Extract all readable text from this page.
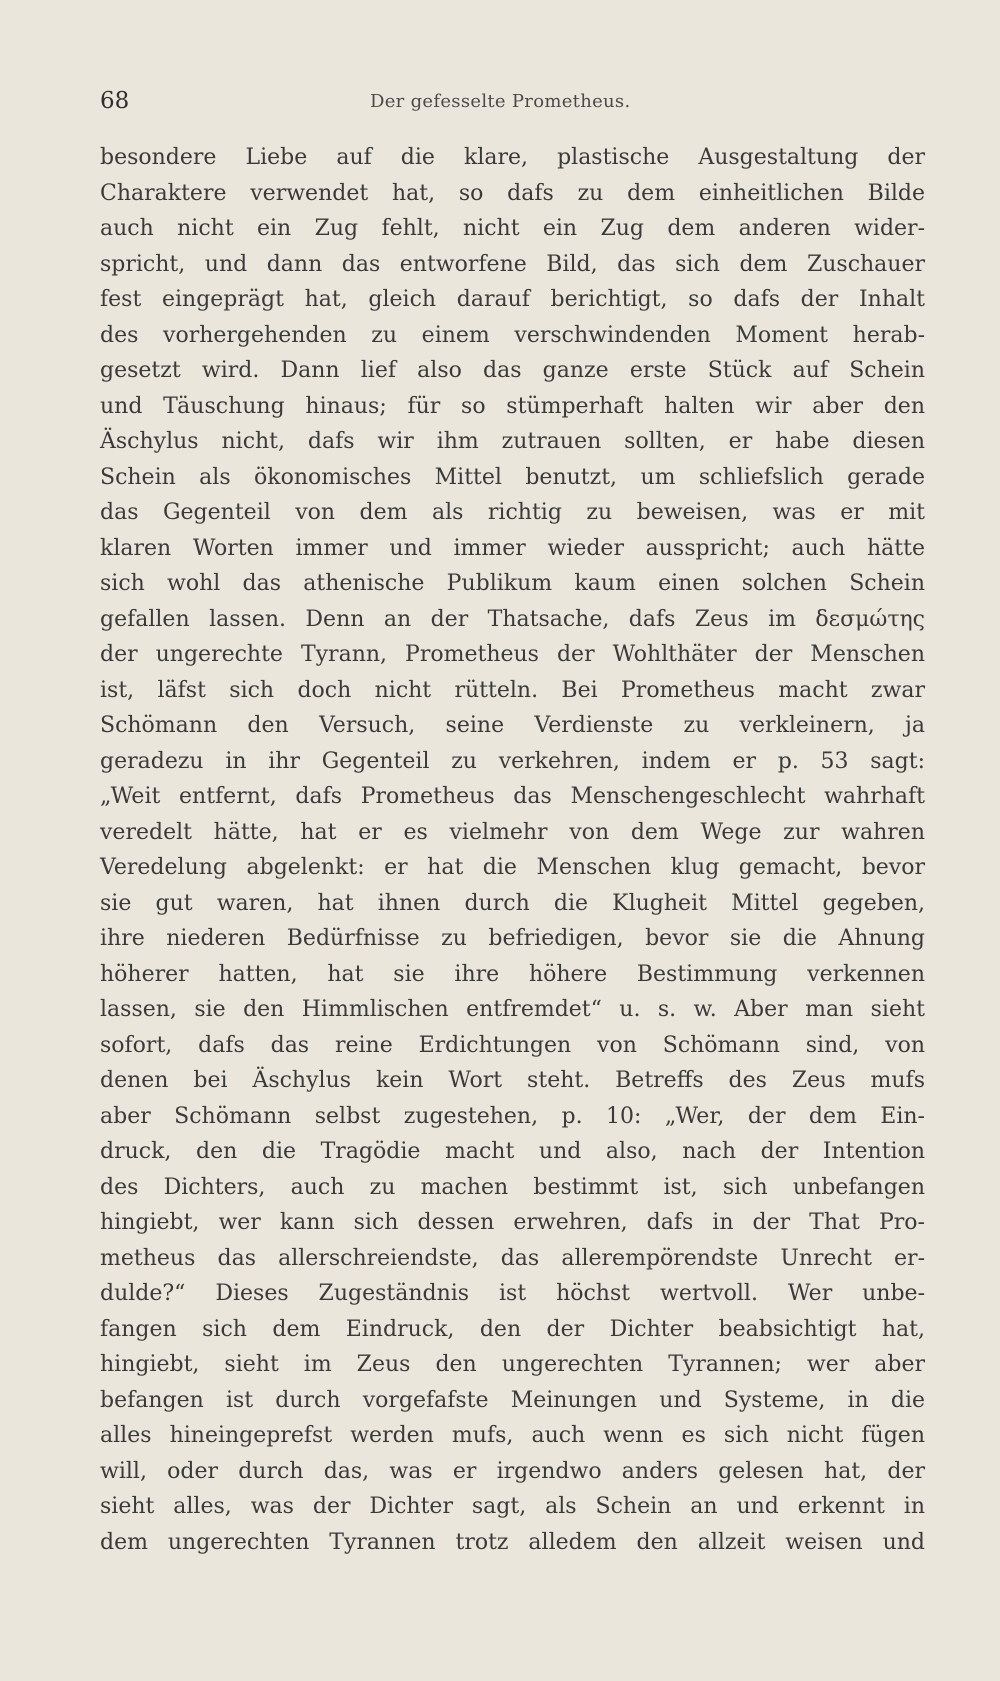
68	Der gefesselte Prometheus.
besondere Liebe auf die klare, plastische Ausgestaltung der
Charaktere verwendet hat, so dafs zu dem einheitlichen Bilde
auch nicht ein Zug fehlt, nicht ein Zug dem anderen wider-
spricht, und dann das entworfene Bild, das sich dem Zuschauer
fest eingeprägt hat, gleich darauf berichtigt, so dafs der Inhalt
des vorhergehenden zu einem verschwindenden Moment herab-
gesetzt wird. Dann lief also das ganze erste Stück auf Schein
und Täuschung hinaus; für so stümperhaft halten wir aber den
Äschylus nicht, dafs wir ihm zutrauen sollten, er habe diesen
Schein als ökonomisches Mittel benutzt, um schliefslich gerade
das Gegenteil von dem als richtig zu beweisen, was er mit
klaren Worten immer und immer wieder ausspricht; auch hätte
sich wohl das athenische Publikum kaum einen solchen Schein
gefallen lassen. Denn an der Thatsache, dafs Zeus im δεσμώτης
der ungerechte Tyrann, Prometheus der Wohlthäter der Menschen
ist, läfst sich doch nicht rütteln. Bei Prometheus macht zwar
Schömann den Versuch, seine Verdienste zu verkleinern, ja
geradezu in ihr Gegenteil zu verkehren, indem er p. 53 sagt:
„Weit entfernt, dafs Prometheus das Menschengeschlecht wahrhaft
veredelt hätte, hat er es vielmehr von dem Wege zur wahren
Veredelung abgelenkt: er hat die Menschen klug gemacht, bevor
sie gut waren, hat ihnen durch die Klugheit Mittel gegeben,
ihre niederen Bedürfnisse zu befriedigen, bevor sie die Ahnung
höherer hatten, hat sie ihre höhere Bestimmung verkennen
lassen, sie den Himmlischen entfremdet“ u. s. w. Aber man sieht
sofort, dafs das reine Erdichtungen von Schömann sind, von
denen bei Äschylus kein Wort steht. Betreffs des Zeus mufs
aber Schömann selbst zugestehen, p. 10: „Wer, der dem Ein-
druck, den die Tragödie macht und also, nach der Intention
des Dichters, auch zu machen bestimmt ist, sich unbefangen
hingiebt, wer kann sich dessen erwehren, dafs in der That Pro-
metheus das allerschreiendste, das allerempörendste Unrecht er-
dulde?“ Dieses Zugeständnis ist höchst wertvoll. Wer unbe-
fangen sich dem Eindruck, den der Dichter beabsichtigt hat,
hingiebt, sieht im Zeus den ungerechten Tyrannen; wer aber
befangen ist durch vorgefafste Meinungen und Systeme, in die
alles hineingeprefst werden mufs, auch wenn es sich nicht fügen
will, oder durch das, was er irgendwo anders gelesen hat, der
sieht alles, was der Dichter sagt, als Schein an und erkennt in
dem ungerechten Tyrannen trotz alledem den allzeit weisen und
